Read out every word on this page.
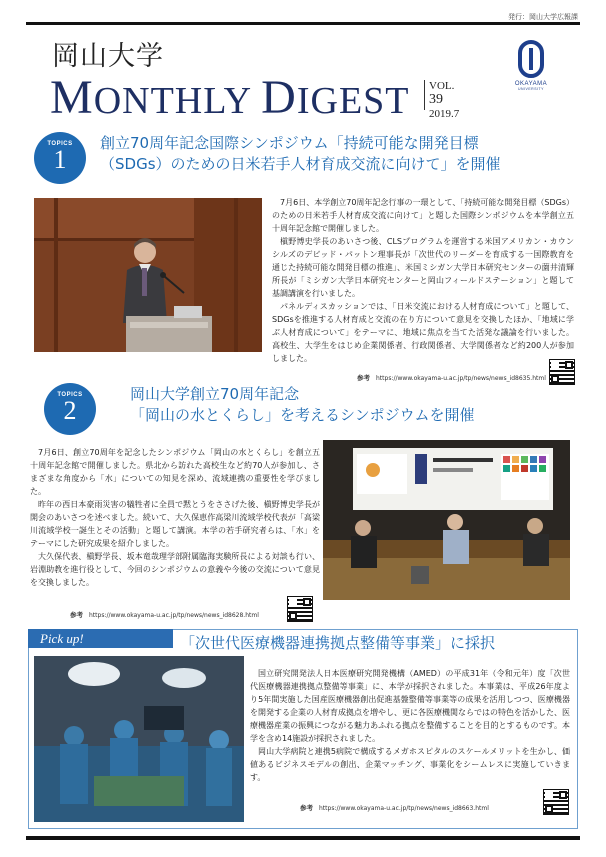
発行：岡山大学広報課
岡山大学
MONTHLY DIGEST VOL. 39
2019.7
OKAYAMA
UNIVERSITY
TOPICS
1
創立70周年記念国際シンポジウム「持続可能な開発目標
（SDGs）のための日米若手人材育成交流に向けて」を開催

7月6日、本学創立70周年記念行事の一環として、「持続可能な開発目標（SDGs）のための日米若手人材育成交流に向けて」と題した国際シンポジウムを本学創立五十周年記念館で開催しました。

槇野博史学長のあいさつ後、CLSプログラムを運営する米国アメリカン・カウンシルズのデビッド・パットン理事長が「次世代のリーダーを育成する一国際教育を通じた持続可能な開発目標の推進」、米国ミシガン大学日本研究センターの薗井清輝所長が「ミシガン大学日本研究センターと岡山フィールドステーション」と題して基調講演を行いました。

パネルディスカッションでは、「日米交流における人材育成について」と題して、SDGsを推進する人材育成と交流の在り方について意見を交換したほか、「地域に学ぶ人材育成について」をテーマに、地域に焦点を当てた活発な議論を行いました。高校生、大学生をはじめ企業関係者、行政関係者、大学関係者など約200人が参加しました。

参考 https://www.okayama-u.ac.jp/tp/news/news_id8635.html
TOPICS
2
岡山大学創立70周年記念
「岡山の水とくらし」を考えるシンポジウムを開催

7月6日、創立70周年を記念したシンポジウム「岡山の水とくらし」を創立五十周年記念館で開催しました。県北から訪れた高校生など約70人が参加し、さまざまな角度から「水」についての知見を深め、流域連携の重要性を学びました。

昨年の西日本豪雨災害の犠牲者に全員で黙とうをささげた後、槇野博史学長が開会のあいさつを述べました。続いて、大久保恵作高梁川流域学校代表が「高梁川流域学校一誕生とその活動」と題して講演。本学の若手研究者らは、「水」をテーマにした研究成果を紹介しました。

大久保代表、槇野学長、坂本竜哉理学部附属臨海実験所長による対談も行い、岩淵助教を進行役として、今回のシンポジウムの意義や今後の交流について意見を交換しました。

参考 https://www.okayama-u.ac.jp/tp/news/news_id8628.html
Pick up!	「次世代医療機器連携拠点整備等事業」に採択

国立研究開発法人日本医療研究開発機構（AMED）の平成31年（令和元年）度「次世代医療機器連携拠点整備等事業」に、本学が採択されました。本事業は、平成26年度より5年間実施した国産医療機器創出促進基盤整備等事業等の成果を活用しつつ、医療機器を開発する企業の人材育成拠点を増やし、更に各医療機関ならではの特色を活かした、医療機器産業の振興につながる魅力あふれる拠点を整備することを目的とするものです。本学を含め14施設が採択されました。

岡山大学病院と連携5病院で構成するメガホスピタルのスケールメリットを生かし、価値あるビジネスモデルの創出、企業マッチング、事業化をシームレスに実施していきます。

参考 https://www.okayama-u.ac.jp/tp/news/news_id8663.html
